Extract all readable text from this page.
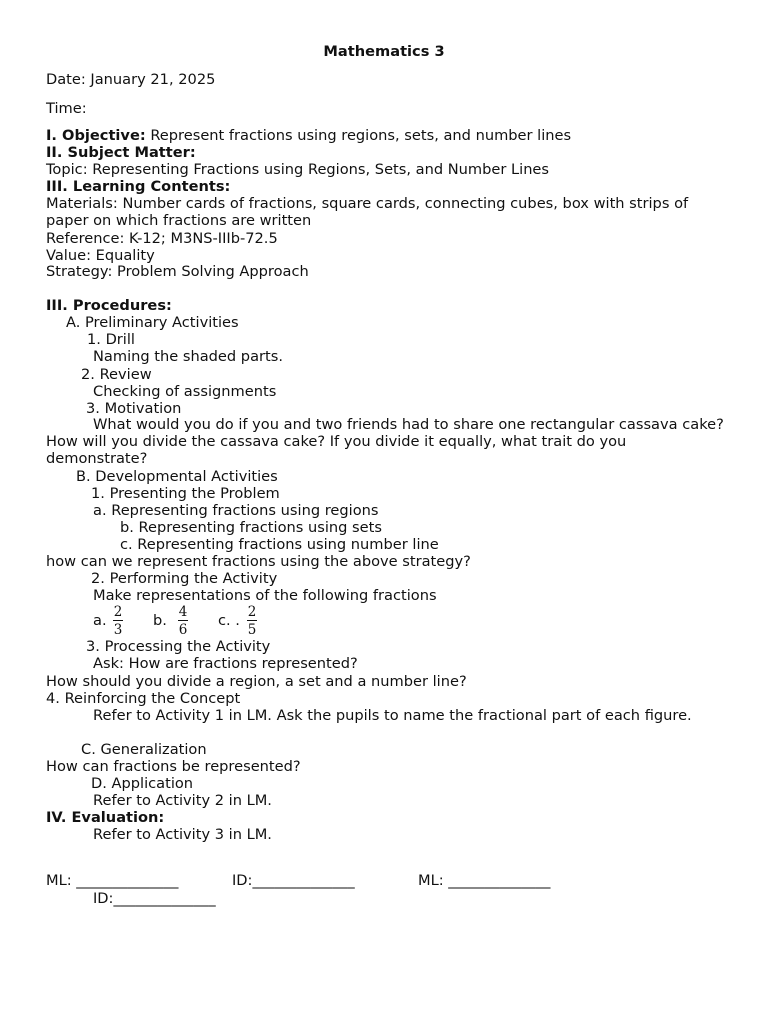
Mathematics 3
Date: January 21, 2025
Time:
I. Objective: Represent fractions using regions, sets, and number lines
II. Subject Matter:
Topic: Representing Fractions using Regions, Sets, and Number Lines
III. Learning Contents:
Materials: Number cards of fractions, square cards, connecting cubes, box with strips of paper on which fractions are written
Reference: K-12; M3NS-IIIb-72.5
Value: Equality
Strategy: Problem Solving Approach
III. Procedures:
A. Preliminary Activities
1. Drill
Naming the shaded parts.
2. Review
Checking of assignments
3. Motivation
What would you do if you and two friends had to share one rectangular cassava cake? How will you divide the cassava cake? If you divide it equally, what trait do you demonstrate?
B. Developmental Activities
1. Presenting the Problem
a. Representing fractions using regions
b. Representing fractions using sets
c. Representing fractions using number line
how can we represent fractions using the above strategy?
2. Performing the Activity
Make representations of the following fractions
a. 2
3
b. 4
6
c. . 2
5
3. Processing the Activity
Ask: How are fractions represented?
How should you divide a region, a set and a number line?
4. Reinforcing the Concept
Refer to Activity 1 in LM. Ask the pupils to name the fractional part of each figure.
C. Generalization
How can fractions be represented?
D. Application
Refer to Activity 2 in LM.
IV. Evaluation:
Refer to Activity 3 in LM.
ML: ______________	ID:______________	ML: ______________
ID:______________
